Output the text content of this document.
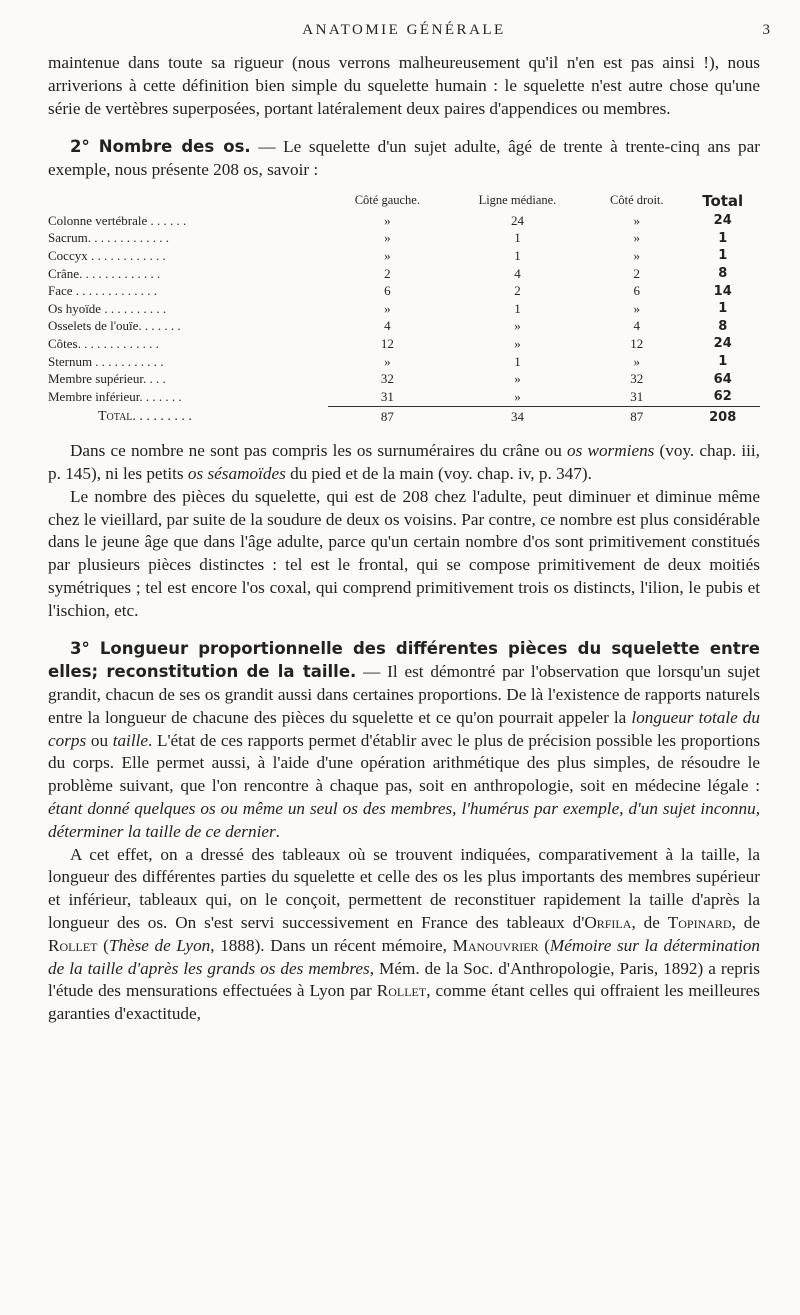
ANATOMIE GÉNÉRALE	3

maintenue dans toute sa rigueur (nous verrons malheureusement qu'il n'en est pas ainsi !), nous arriverions à cette définition bien simple du squelette humain : le squelette n'est autre chose qu'une série de vertèbres superposées, portant latéralement deux paires d'appendices ou membres.

2° Nombre des os. — Le squelette d'un sujet adulte, âgé de trente à trente-cinq ans par exemple, nous présente 208 os, savoir :

	Côté gauche.	Ligne médiane.	Côté droit.	Total
Colonne vertébrale . . . . . .	»	24	»	24
Sacrum. . . . . . . . . . . . .	»	1	»	1
Coccyx . . . . . . . . . . . .	»	1	»	1
Crâne. . . . . . . . . . . . .	2	4	2	8
Face . . . . . . . . . . . . .	6	2	6	14
Os hyoïde . . . . . . . . . .	»	1	»	1
Osselets de l'ouïe. . . . . . .	4	»	4	8
Côtes. . . . . . . . . . . . .	12	»	12	24
Sternum . . . . . . . . . . .	»	1	»	1
Membre supérieur. . . .	32	»	32	64
Membre inférieur. . . . . . .	31	»	31	62
Total. . . . . . . . .	87	34	87	208

Dans ce nombre ne sont pas compris les os surnuméraires du crâne ou os wormiens (voy. chap. iii, p. 145), ni les petits os sésamoïdes du pied et de la main (voy. chap. iv, p. 347).

Le nombre des pièces du squelette, qui est de 208 chez l'adulte, peut diminuer et diminue même chez le vieillard, par suite de la soudure de deux os voisins. Par contre, ce nombre est plus considérable dans le jeune âge que dans l'âge adulte, parce qu'un certain nombre d'os sont primitivement constitués par plusieurs pièces distinctes : tel est le frontal, qui se compose primitivement de deux moitiés symétriques ; tel est encore l'os coxal, qui comprend primitivement trois os distincts, l'ilion, le pubis et l'ischion, etc.

3° Longueur proportionnelle des différentes pièces du squelette entre elles; reconstitution de la taille. — Il est démontré par l'observation que lorsqu'un sujet grandit, chacun de ses os grandit aussi dans certaines proportions. De là l'existence de rapports naturels entre la longueur de chacune des pièces du squelette et ce qu'on pourrait appeler la longueur totale du corps ou taille. L'état de ces rapports permet d'établir avec le plus de précision possible les proportions du corps. Elle permet aussi, à l'aide d'une opération arithmétique des plus simples, de résoudre le problème suivant, que l'on rencontre à chaque pas, soit en anthropologie, soit en médecine légale : étant donné quelques os ou même un seul os des membres, l'humérus par exemple, d'un sujet inconnu, déterminer la taille de ce dernier.

A cet effet, on a dressé des tableaux où se trouvent indiquées, comparativement à la taille, la longueur des différentes parties du squelette et celle des os les plus importants des membres supérieur et inférieur, tableaux qui, on le conçoit, permettent de reconstituer rapidement la taille d'après la longueur des os. On s'est servi successivement en France des tableaux d'Orfila, de Topinard, de Rollet (Thèse de Lyon, 1888). Dans un récent mémoire, Manouvrier (Mémoire sur la détermination de la taille d'après les grands os des membres, Mém. de la Soc. d'Anthropologie, Paris, 1892) a repris l'étude des mensurations effectuées à Lyon par Rollet, comme étant celles qui offraient les meilleures garanties d'exactitude,
